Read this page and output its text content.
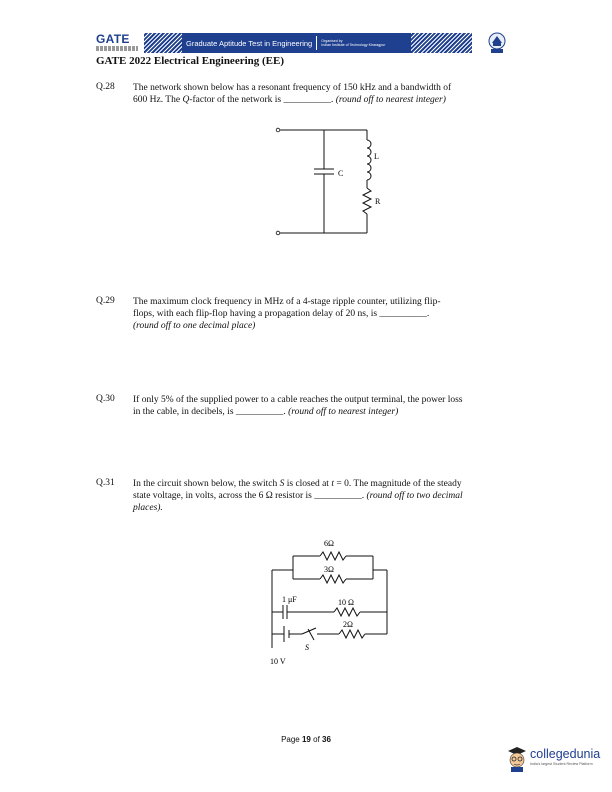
GATE	Graduate Aptitude Test in Engineering	Organised by
Indian Institute of Technology Kharagpur
GATE 2022 Electrical Engineering (EE)
Q.28 The network shown below has a resonant frequency of 150 kHz and a bandwidth of
600 Hz. The Q-factor of the network is __________. (round off to nearest integer)
C
L
R
Q.29 The maximum clock frequency in MHz of a 4-stage ripple counter, utilizing flip-
flops, with each flip-flop having a propagation delay of 20 ns, is __________.
(round off to one decimal place)
Q.30 If only 5% of the supplied power to a cable reaches the output terminal, the power loss
in the cable, in decibels, is __________. (round off to nearest integer)
Q.31 In the circuit shown below, the switch S is closed at t = 0. The magnitude of the steady
state voltage, in volts, across the 6 Ω resistor is __________. (round off to two decimal
places).
6Ω
3Ω
1 μF	10 Ω
2Ω
S
10 V
Page 19 of 36
collegedunia
India's largest Student Review Platform
